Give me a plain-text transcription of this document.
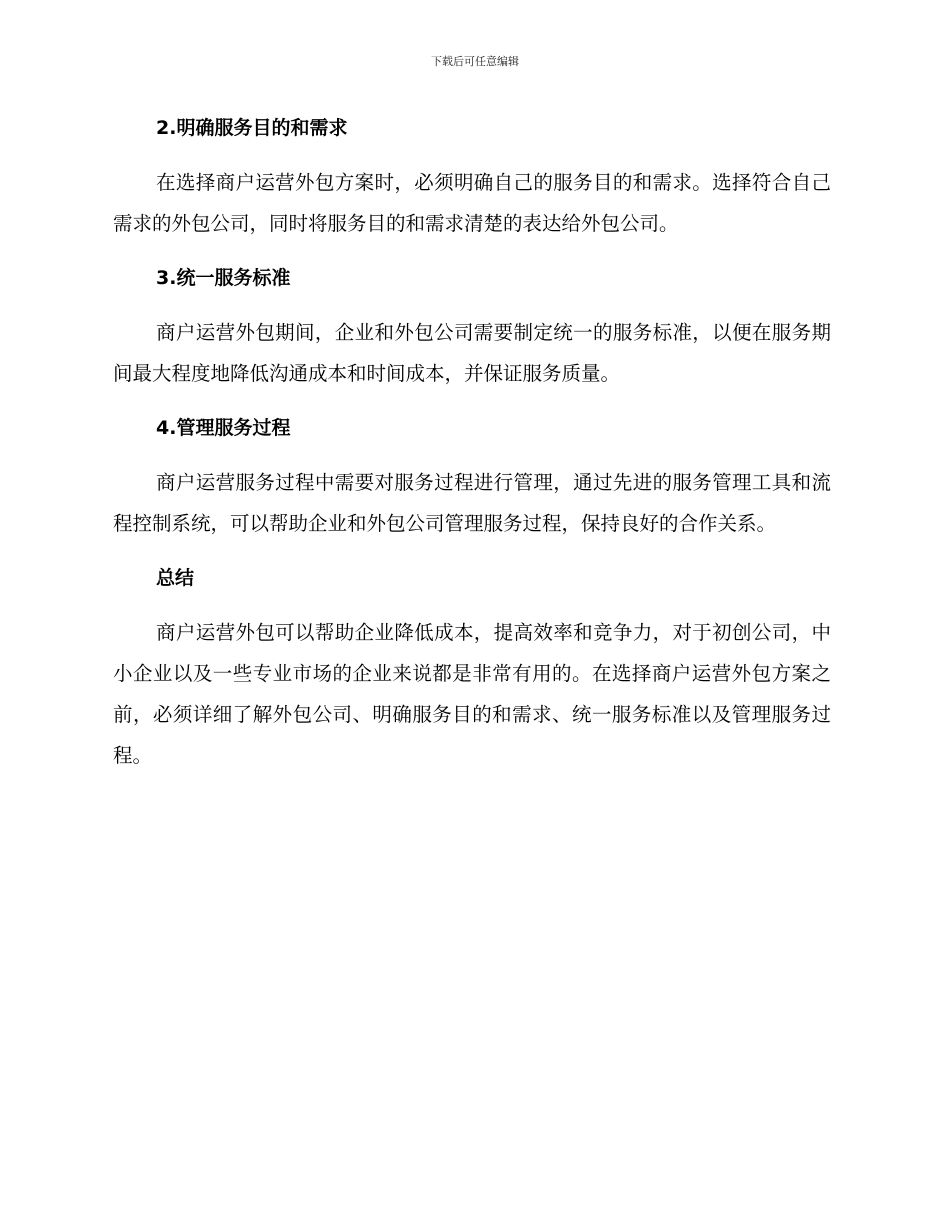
下载后可任意编辑
2.明确服务目的和需求
在选择商户运营外包方案时，必须明确自己的服务目的和需求。选择符合自己需求的外包公司，同时将服务目的和需求清楚的表达给外包公司。
3.统一服务标准
商户运营外包期间，企业和外包公司需要制定统一的服务标准，以便在服务期间最大程度地降低沟通成本和时间成本，并保证服务质量。
4.管理服务过程
商户运营服务过程中需要对服务过程进行管理，通过先进的服务管理工具和流程控制系统，可以帮助企业和外包公司管理服务过程，保持良好的合作关系。
总结
商户运营外包可以帮助企业降低成本，提高效率和竞争力，对于初创公司，中小企业以及一些专业市场的企业来说都是非常有用的。在选择商户运营外包方案之前，必须详细了解外包公司、明确服务目的和需求、统一服务标准以及管理服务过程。
